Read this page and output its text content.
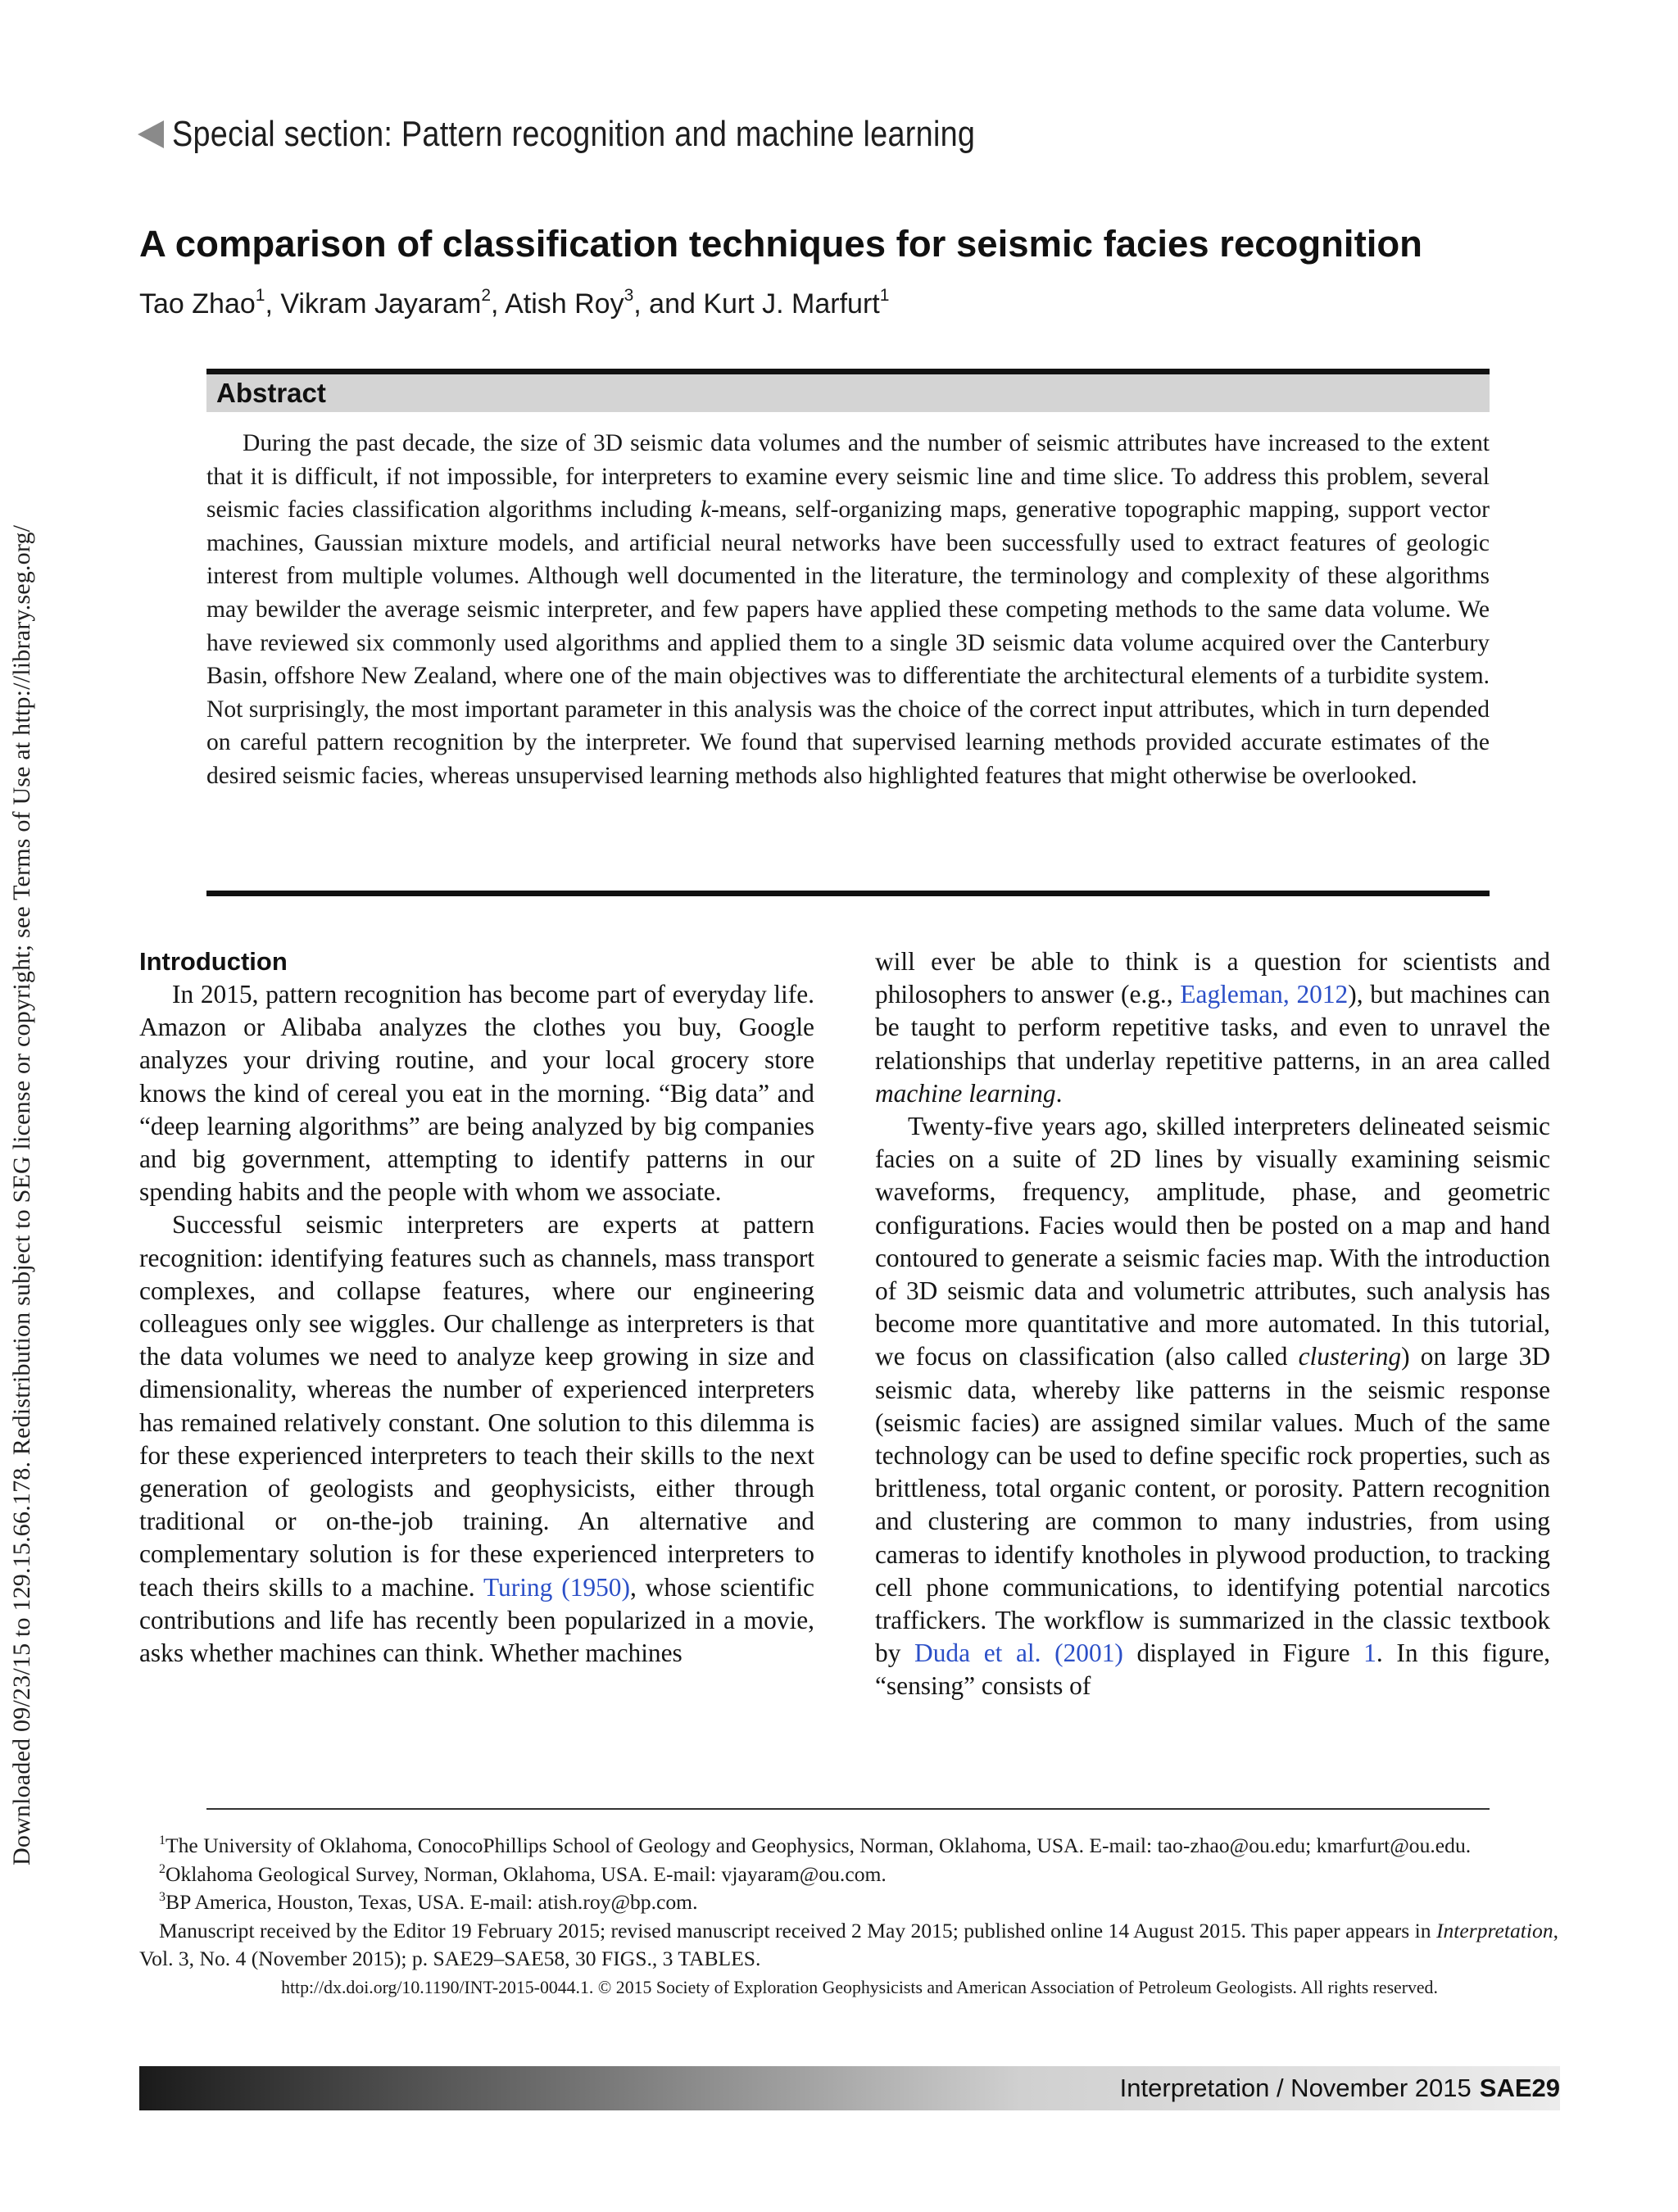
Downloaded 09/23/15 to 129.15.66.178. Redistribution subject to SEG license or copyright; see Terms of Use at http://library.seg.org/
Special section: Pattern recognition and machine learning
A comparison of classification techniques for seismic facies recognition
Tao Zhao$^1$, Vikram Jayaram$^2$, Atish Roy$^3$, and Kurt J. Marfurt$^1$
Abstract
During the past decade, the size of 3D seismic data volumes and the number of seismic attributes have increased to the extent that it is difficult, if not impossible, for interpreters to examine every seismic line and time slice. To address this problem, several seismic facies classification algorithms including k-means, self-organizing maps, generative topographic mapping, support vector machines, Gaussian mixture models, and artificial neural networks have been successfully used to extract features of geologic interest from multiple volumes. Although well documented in the literature, the terminology and complexity of these algorithms may bewilder the average seismic interpreter, and few papers have applied these competing methods to the same data volume. We have reviewed six commonly used algorithms and applied them to a single 3D seismic data volume acquired over the Canterbury Basin, offshore New Zealand, where one of the main objectives was to differentiate the architectural elements of a turbidite system. Not surprisingly, the most important parameter in this analysis was the choice of the correct input attributes, which in turn depended on careful pattern recognition by the interpreter. We found that supervised learning methods provided accurate estimates of the desired seismic facies, whereas unsupervised learning methods also highlighted features that might otherwise be overlooked.
Introduction

In 2015, pattern recognition has become part of everyday life. Amazon or Alibaba analyzes the clothes you buy, Google analyzes your driving routine, and your local grocery store knows the kind of cereal you eat in the morning. “Big data” and “deep learning algorithms” are being analyzed by big companies and big government, attempting to identify patterns in our spending habits and the people with whom we associate.

Successful seismic interpreters are experts at pattern recognition: identifying features such as channels, mass transport complexes, and collapse features, where our engineering colleagues only see wiggles. Our challenge as interpreters is that the data volumes we need to analyze keep growing in size and dimensionality, whereas the number of experienced interpreters has remained relatively constant. One solution to this dilemma is for these experienced interpreters to teach their skills to the next generation of geologists and geophysicists, either through traditional or on-the-job training. An alternative and complementary solution is for these experienced interpreters to teach theirs skills to a machine. Turing (1950), whose scientific contributions and life has recently been popularized in a movie, asks whether machines can think. Whether machines

will ever be able to think is a question for scientists and philosophers to answer (e.g., Eagleman, 2012), but machines can be taught to perform repetitive tasks, and even to unravel the relationships that underlay repetitive patterns, in an area called machine learning.

Twenty-five years ago, skilled interpreters delineated seismic facies on a suite of 2D lines by visually examining seismic waveforms, frequency, amplitude, phase, and geometric configurations. Facies would then be posted on a map and hand contoured to generate a seismic facies map. With the introduction of 3D seismic data and volumetric attributes, such analysis has become more quantitative and more automated. In this tutorial, we focus on classification (also called clustering) on large 3D seismic data, whereby like patterns in the seismic response (seismic facies) are assigned similar values. Much of the same technology can be used to define specific rock properties, such as brittleness, total organic content, or porosity. Pattern recognition and clustering are common to many industries, from using cameras to identify knotholes in plywood production, to tracking cell phone communications, to identifying potential narcotics traffickers. The workflow is summarized in the classic textbook by Duda et al. (2001) displayed in Figure 1. In this figure, “sensing” consists of

$^1$The University of Oklahoma, ConocoPhillips School of Geology and Geophysics, Norman, Oklahoma, USA. E-mail: tao-zhao@ou.edu; kmarfurt@ou.edu.

$^2$Oklahoma Geological Survey, Norman, Oklahoma, USA. E-mail: vjayaram@ou.com.

$^3$BP America, Houston, Texas, USA. E-mail: atish.roy@bp.com.

Manuscript received by the Editor 19 February 2015; revised manuscript received 2 May 2015; published online 14 August 2015. This paper appears in Interpretation, Vol. 3, No. 4 (November 2015); p. SAE29–SAE58, 30 FIGS., 3 TABLES.

http://dx.doi.org/10.1190/INT-2015-0044.1. © 2015 Society of Exploration Geophysicists and American Association of Petroleum Geologists. All rights reserved.

Interpretation / November 2015 SAE29
